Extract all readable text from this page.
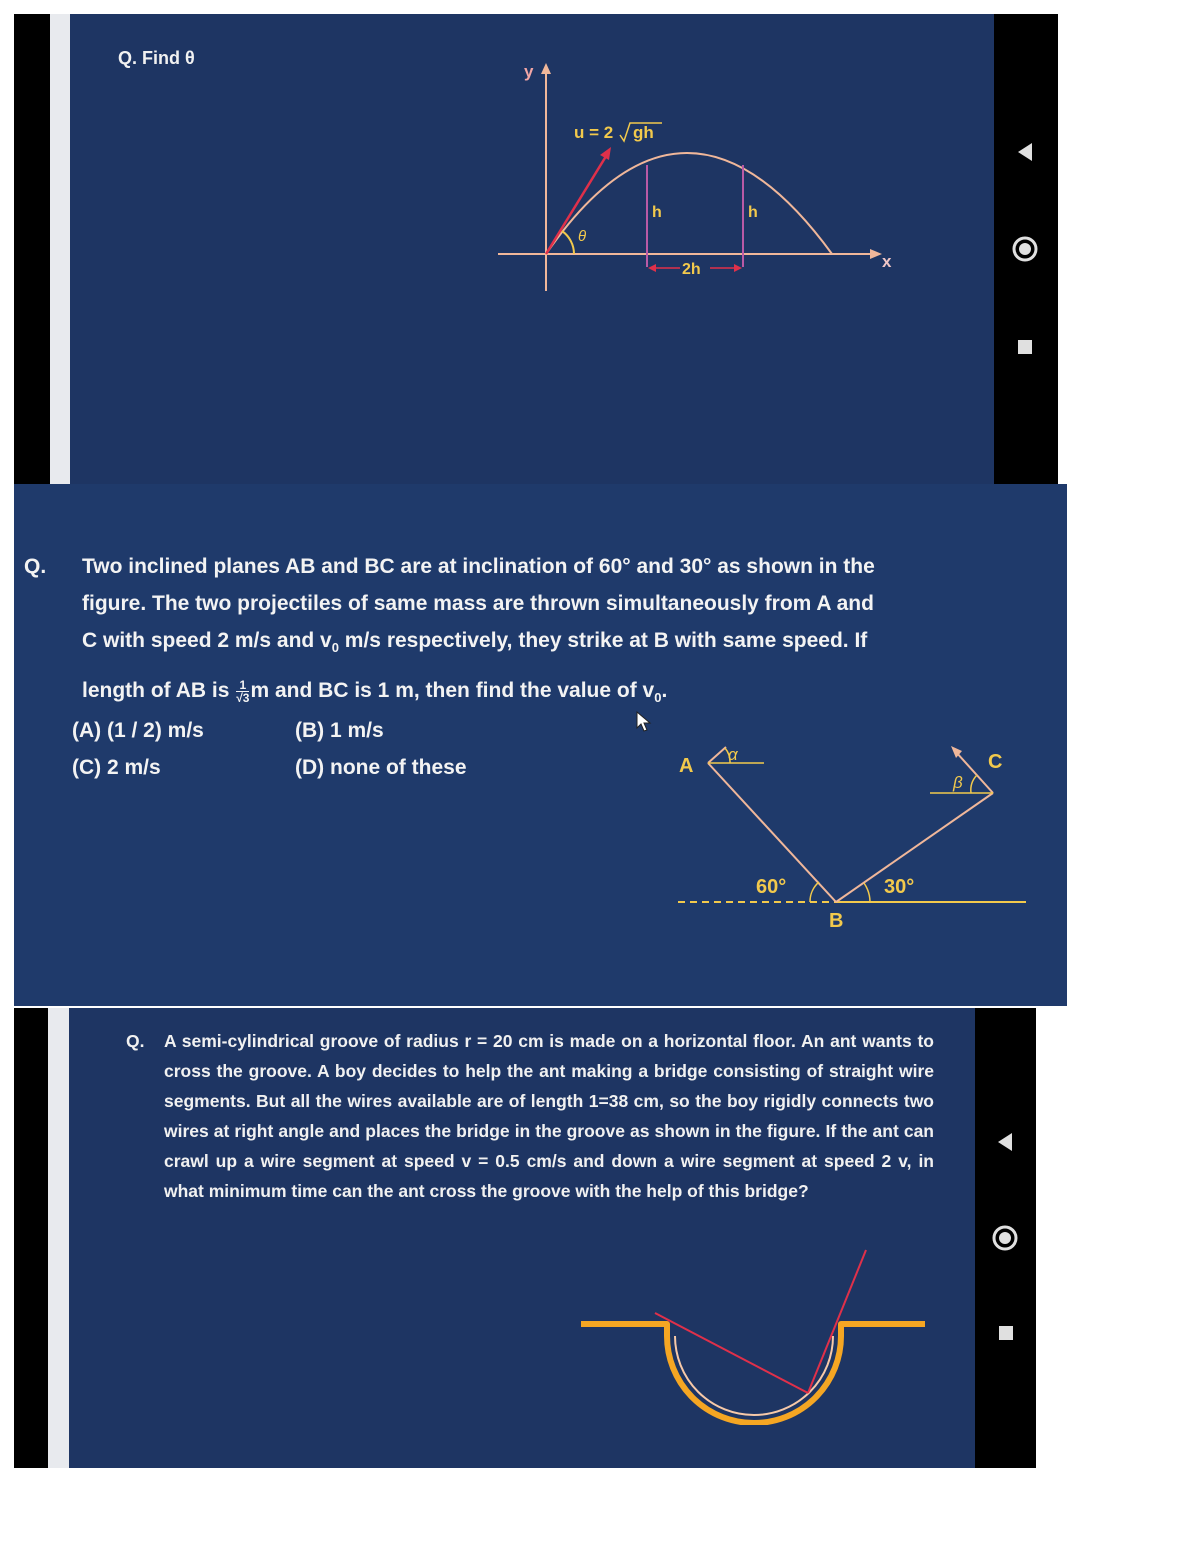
Q. Find θ
y
x
u = 2 gh
θ
h	h
2h
Q. Two inclined planes AB and BC are at inclination of 60° and 30° as shown in the
figure. The two projectiles of same mass are thrown simultaneously from A and
C with speed 2 m/s and $v_0$ m/s respectively, they strike at B with same speed. If
length of AB is $\frac{1}{√3}$ m and BC is 1 m, then find the value of $v_0$.
(A) (1 / 2) m/s	(B) 1 m/s
(C) 2 m/s	(D) none of these
α
A
β
C
60°	30°
B
Q. A semi-cylindrical groove of radius r = 20 cm is made on a horizontal floor. An ant wants to cross the groove. A boy decides to help the ant making a bridge consisting of straight wire segments. But all the wires available are of length 1=38 cm, so the boy rigidly connects two wires at right angle and places the bridge in the groove as shown in the figure. If the ant can crawl up a wire segment at speed v = 0.5 cm/s and down a wire segment at speed 2 v, in what minimum time can the ant cross the groove with the help of this bridge?
